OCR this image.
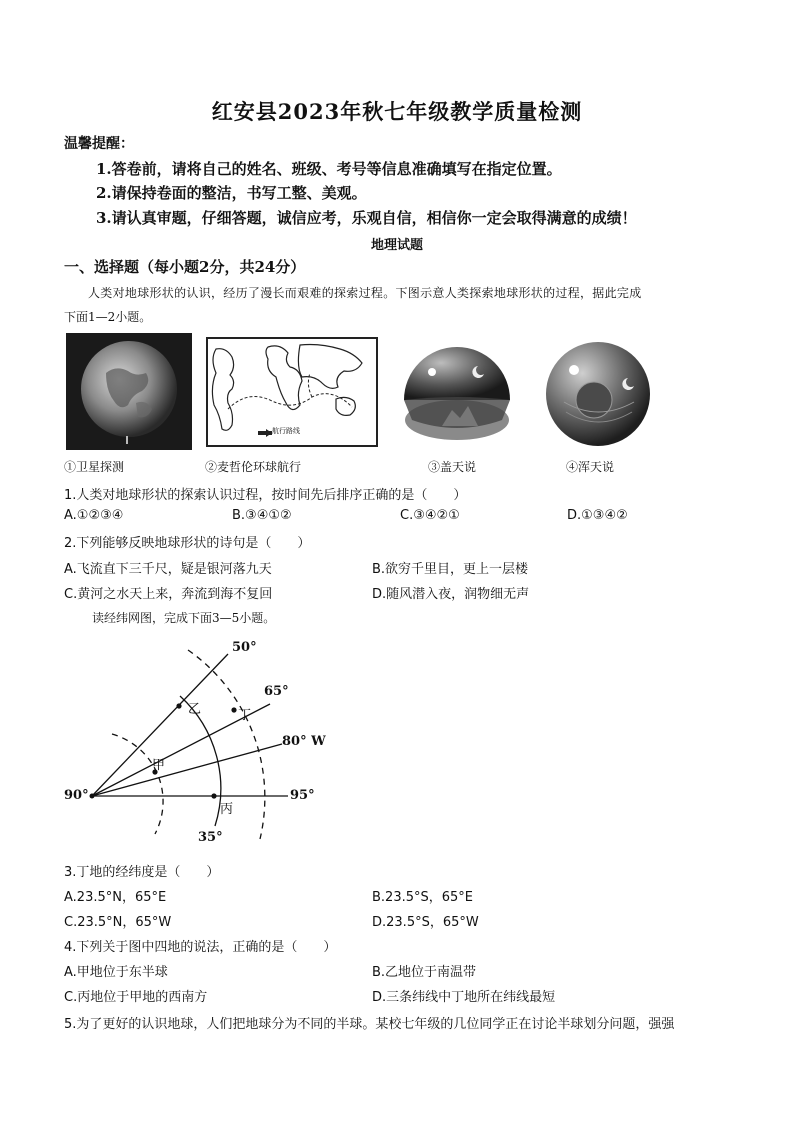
红安县2023年秋七年级教学质量检测
温馨提醒：
1.答卷前，请将自己的姓名、班级、考号等信息准确填写在指定位置。
2.请保持卷面的整洁，书写工整、美观。
3.请认真审题，仔细答题，诚信应考，乐观自信，相信你一定会取得满意的成绩！
地理试题
一、选择题（每小题2分，共24分）
人类对地球形状的认识，经历了漫长而艰难的探索过程。下图示意人类探索地球形状的过程，据此完成
下面1—2小题。
航行路线
①卫星探测	②麦哲伦环球航行	③盖天说	④浑天说
1.人类对地球形状的探索认识过程，按时间先后排序正确的是（　　）
A.①②③④	B.③④①②	C.③④②①	D.①③④②
2.下列能够反映地球形状的诗句是（　　）
A.飞流直下三千尺，疑是银河落九天	B.欲穷千里目，更上一层楼
C.黄河之水天上来，奔流到海不复回	D.随风潜入夜，润物细无声
读经纬网图，完成下面3—5小题。
50°
65°
80° W
95°
90°
35°
乙	丁
甲
丙
3.丁地的经纬度是（　　）
A.23.5°N，65°E	B.23.5°S，65°E
C.23.5°N，65°W	D.23.5°S，65°W
4.下列关于图中四地的说法，正确的是（　　）
A.甲地位于东半球	B.乙地位于南温带
C.丙地位于甲地的西南方	D.三条纬线中丁地所在纬线最短
5.为了更好的认识地球，人们把地球分为不同的半球。某校七年级的几位同学正在讨论半球划分问题，强强
